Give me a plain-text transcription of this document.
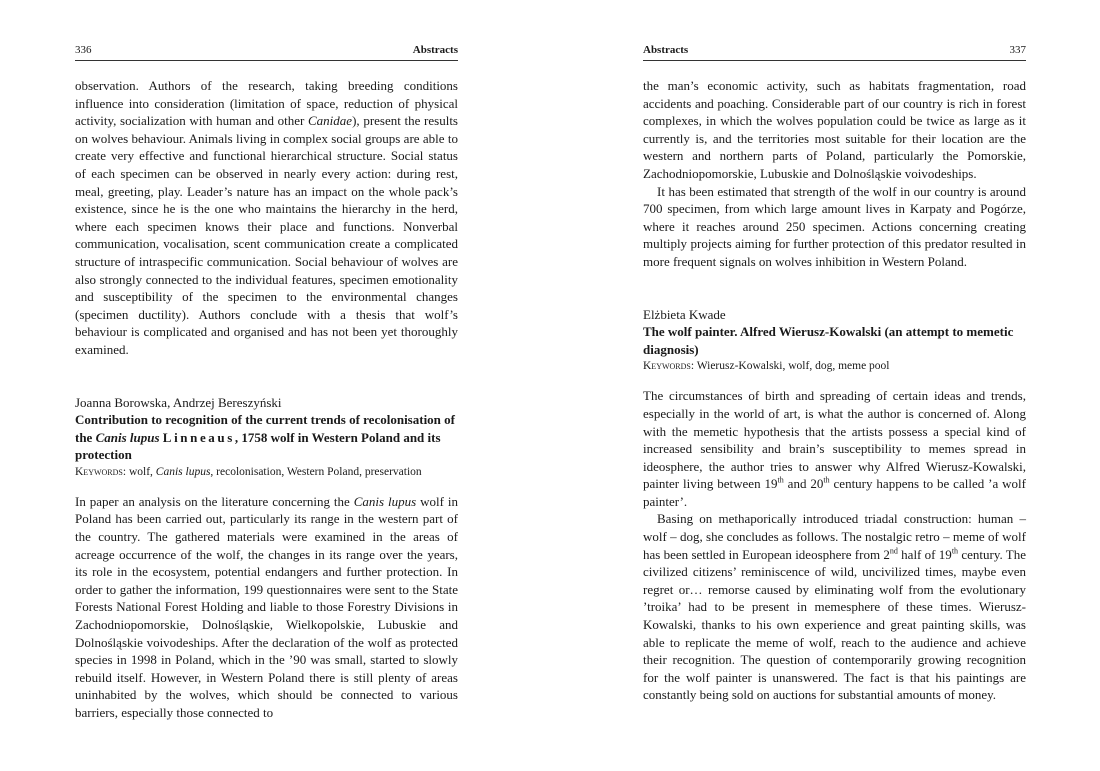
336	Abstracts

observation. Authors of the research, taking breeding conditions influence into consideration (limitation of space, reduction of physical activity, socialization with human and other Canidae), present the results on wolves behaviour. Animals living in complex social groups are able to create very effective and functional hierarchical structure. Social status of each specimen can be observed in nearly every action: during rest, meal, greeting, play. Leader’s nature has an impact on the whole pack’s existence, since he is the one who maintains the hierarchy in the herd, where each specimen knows their place and functions. Nonverbal communication, vocalisation, scent communication create a complicated structure of intraspecific communication. Social behaviour of wolves are also strongly connected to the individual features, specimen emotionality and susceptibility of the specimen to the environmental changes (specimen ductility). Authors conclude with a thesis that wolf’s behaviour is complicated and organised and has not been yet thoroughly examined.

Joanna Borowska, Andrzej Bereszyński
Contribution to recognition of the current trends of recolonisation of the Canis lupus Linneaus, 1758 wolf in Western Poland and its protection
Keywords: wolf, Canis lupus, recolonisation, Western Poland, preservation

In paper an analysis on the literature concerning the Canis lupus wolf in Poland has been carried out, particularly its range in the western part of the country. The gathered materials were examined in the areas of acreage occurrence of the wolf, the changes in its range over the years, its role in the ecosystem, potential endangers and further protection. In order to gather the information, 199 questionnaires were sent to the State Forests National Forest Holding and liable to those Forestry Divisions in Zachodniopomorskie, Dolnośląskie, Wielkopolskie, Lubuskie and Dolnośląskie voivodeships. After the declaration of the wolf as protected species in 1998 in Poland, which in the ’90 was small, started to slowly rebuild itself. However, in Western Poland there is still plenty of areas uninhabited by the wolves, which should be connected to various barriers, especially those connected to

Abstracts	337

the man’s economic activity, such as habitats fragmentation, road accidents and poaching. Considerable part of our country is rich in forest complexes, in which the wolves population could be twice as large as it currently is, and the territories most suitable for their location are the western and northern parts of Poland, particularly the Pomorskie, Zachodniopomorskie, Lubuskie and Dolnośląskie voivodeships.

It has been estimated that strength of the wolf in our country is around 700 specimen, from which large amount lives in Karpaty and Pogórze, where it reaches around 250 specimen. Actions concerning creating multiply projects aiming for further protection of this predator resulted in more frequent signals on wolves inhibition in Western Poland.

Elżbieta Kwade
The wolf painter. Alfred Wierusz-Kowalski (an attempt to memetic diagnosis)
Keywords: Wierusz-Kowalski, wolf, dog, meme pool

The circumstances of birth and spreading of certain ideas and trends, especially in the world of art, is what the author is concerned of. Along with the memetic hypothesis that the artists possess a special kind of increased sensibility and brain’s susceptibility to memes spread in ideosphere, the author tries to answer why Alfred Wierusz-Kowalski, painter living between 19th and 20th century happens to be called ’a wolf painter’.

Basing on methaporically introduced triadal construction: human – wolf – dog, she concludes as follows. The nostalgic retro – meme of wolf has been settled in European ideosphere from 2nd half of 19th century. The civilized citizens’ reminiscence of wild, uncivilized times, maybe even regret or… remorse caused by eliminating wolf from the evolutionary ’troika’ had to be present in memesphere of these times. Wierusz-Kowalski, thanks to his own experience and great painting skills, was able to replicate the meme of wolf, reach to the audience and achieve their recognition. The question of contemporarily growing recognition for the wolf painter is unanswered. The fact is that his paintings are constantly being sold on auctions for substantial amounts of money.
